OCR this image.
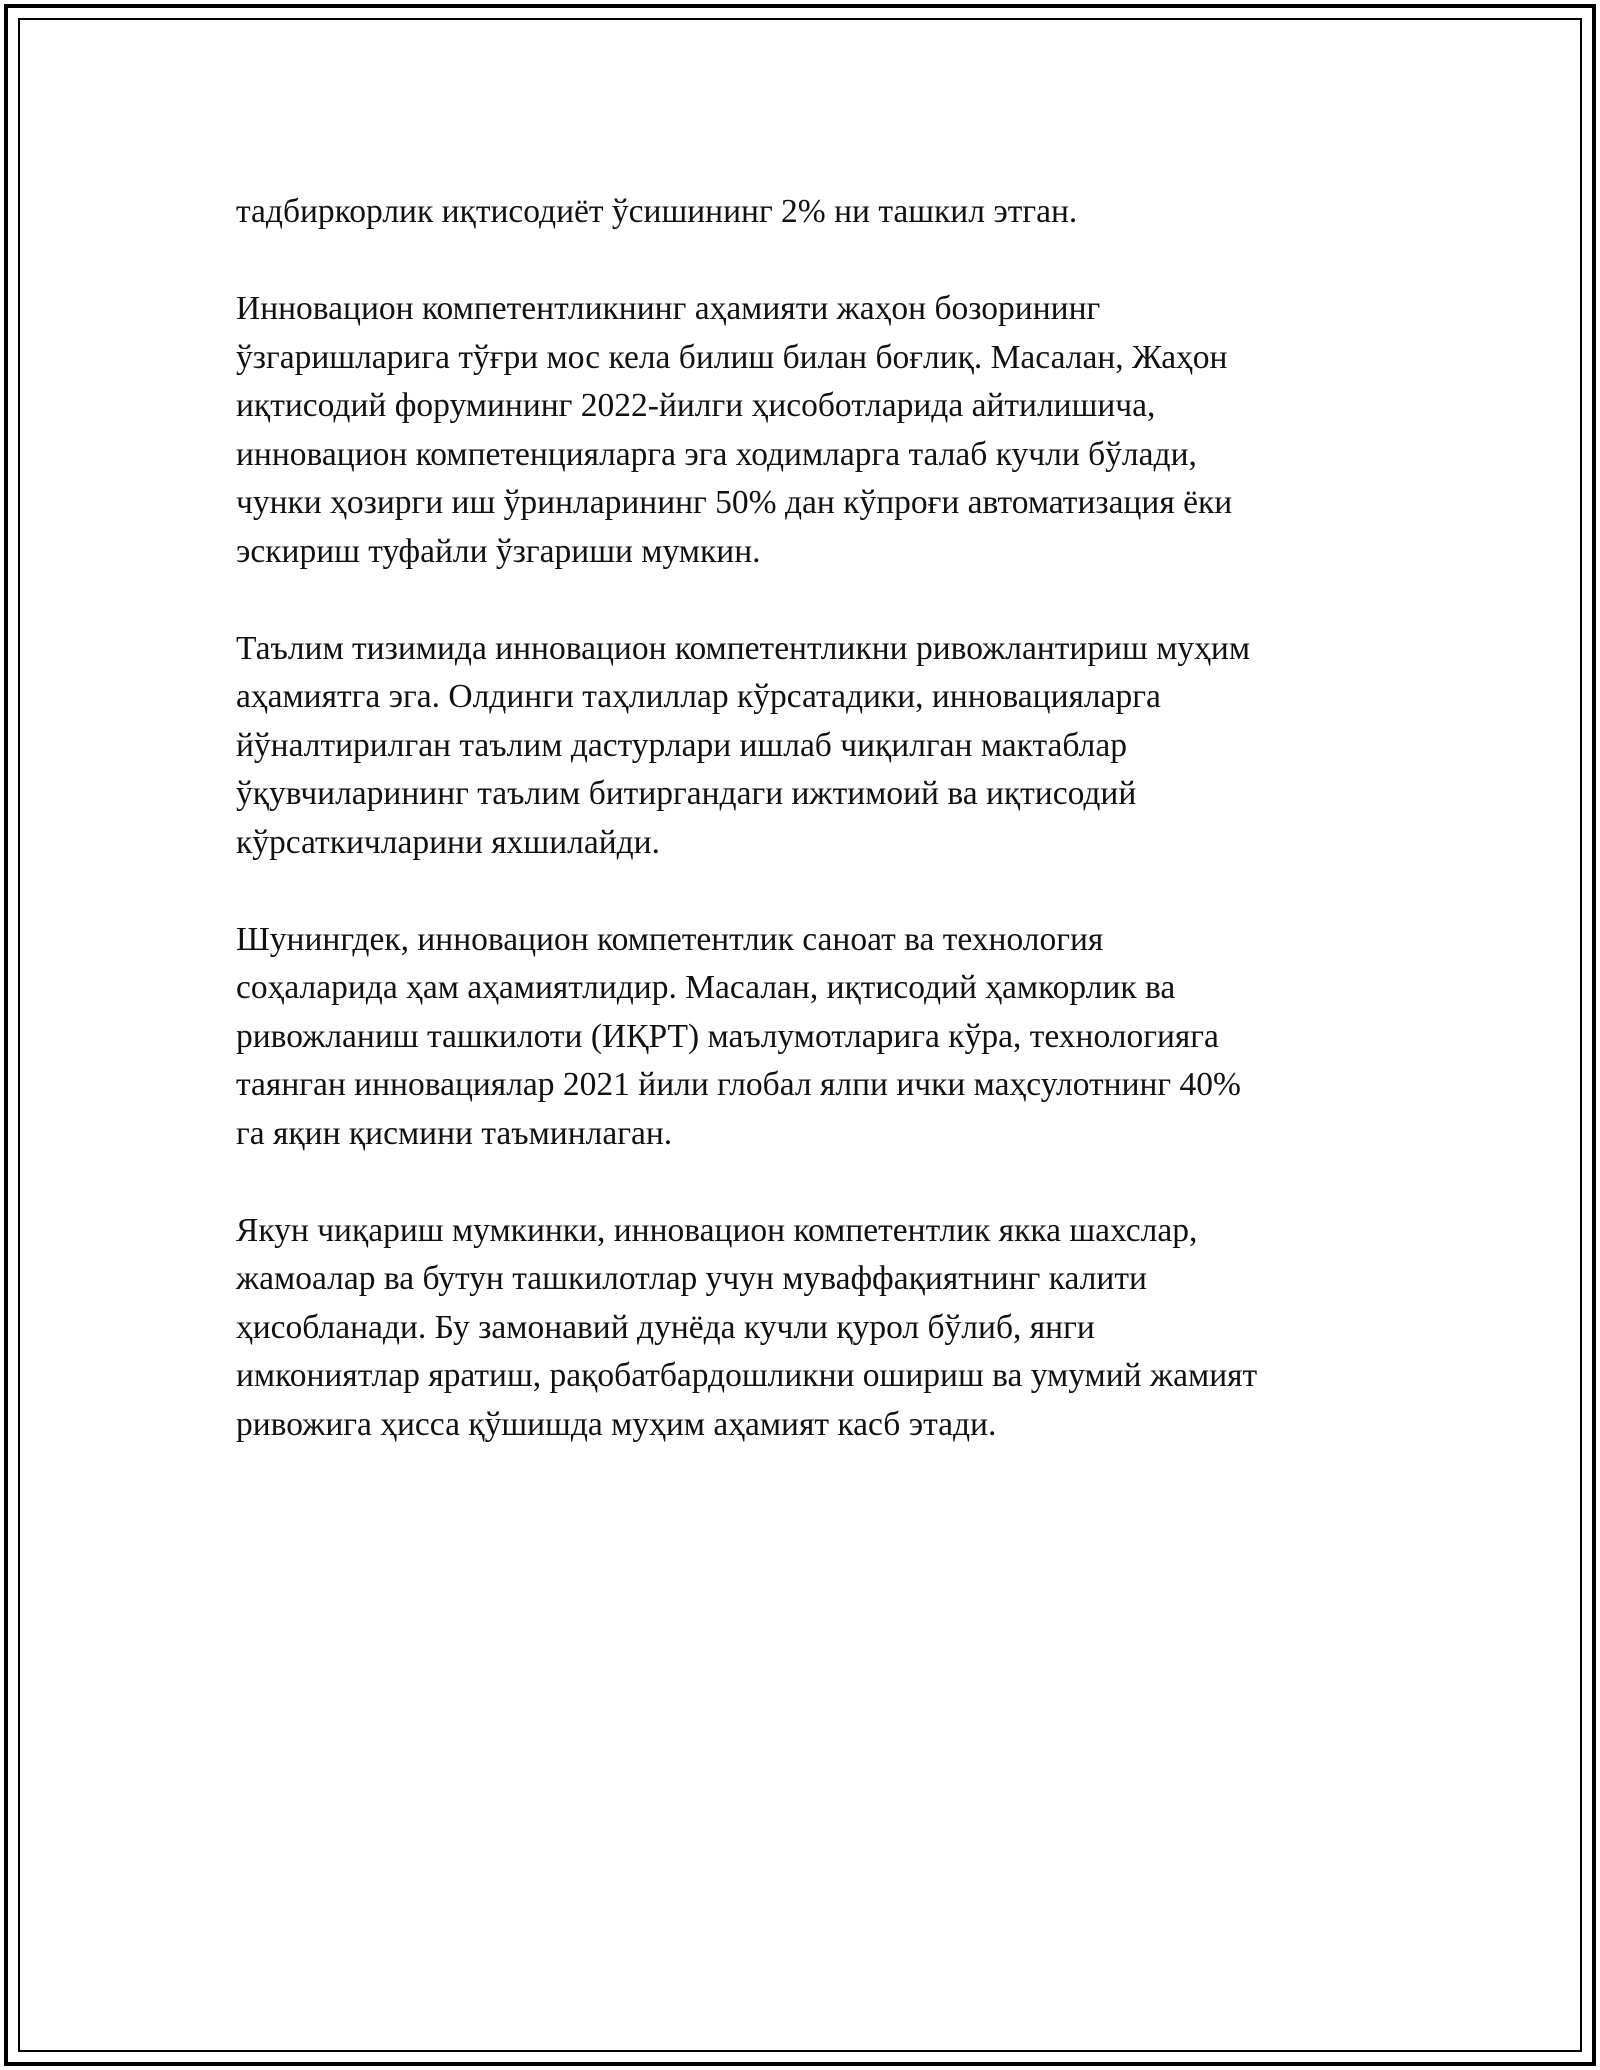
тадбиркорлик иқтисодиёт ўсишининг 2% ни ташкил этган.

Инновацион компетентликнинг аҳамияти жаҳон бозорининг
ўзгаришларига тўғри мос кела билиш билан боғлиқ. Масалан, Жаҳон
иқтисодий форумининг 2022-йилги ҳисоботларида айтилишича,
инновацион компетенцияларга эга ходимларга талаб кучли бўлади,
чунки ҳозирги иш ўринларининг 50% дан кўпроғи автоматизация ёки
эскириш туфайли ўзгариши мумкин.

Таълим тизимида инновацион компетентликни ривожлантириш муҳим
аҳамиятга эга. Олдинги таҳлиллар кўрсатадики, инновацияларга
йўналтирилган таълим дастурлари ишлаб чиқилган мактаблар
ўқувчиларининг таълим битиргандаги ижтимоий ва иқтисодий
кўрсаткичларини яхшилайди.

Шунингдек, инновацион компетентлик саноат ва технология
соҳаларида ҳам аҳамиятлидир. Масалан, иқтисодий ҳамкорлик ва
ривожланиш ташкилоти (ИҚРТ) маълумотларига кўра, технологияга
таянган инновациялар 2021 йили глобал ялпи ички маҳсулотнинг 40%
га яқин қисмини таъминлаган.

Якун чиқариш мумкинки, инновацион компетентлик якка шахслар,
жамоалар ва бутун ташкилотлар учун муваффақиятнинг калити
ҳисобланади. Бу замонавий дунёда кучли қурол бўлиб, янги
имкониятлар яратиш, рақобатбардошликни ошириш ва умумий жамият
ривожига ҳисса қўшишда муҳим аҳамият касб этади.
